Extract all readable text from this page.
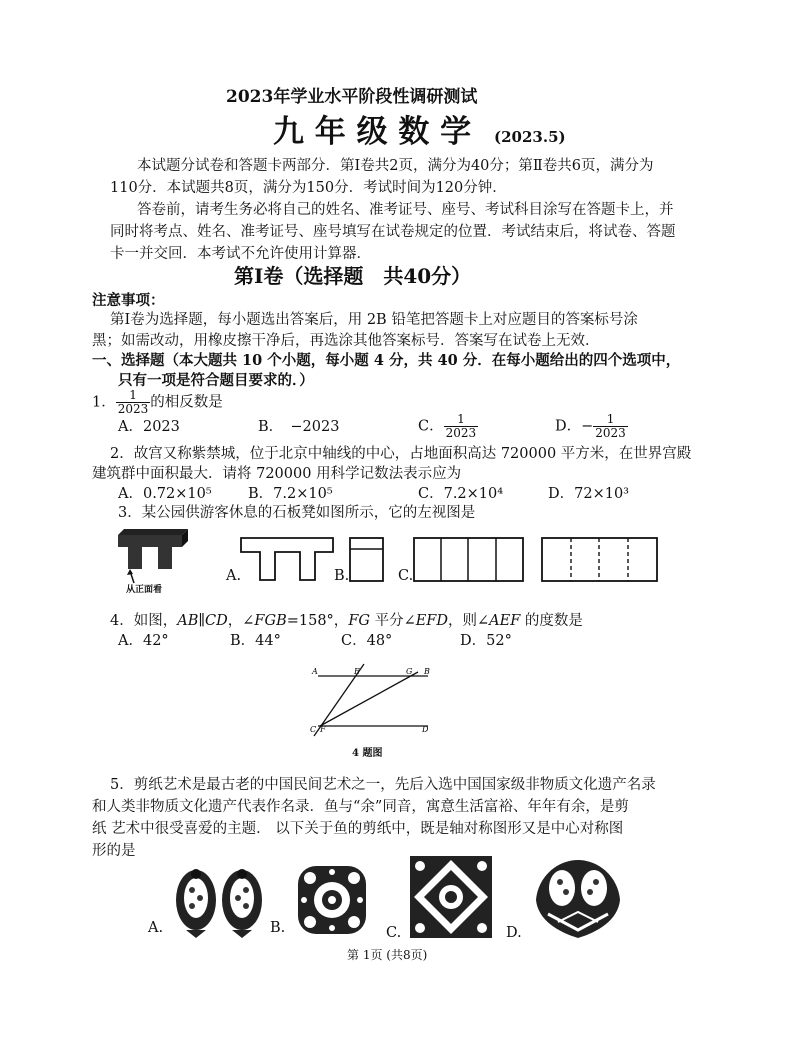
2023年学业水平阶段性调研测试
九 年 级 数 学 (2023.5)
本试题分试卷和答题卡两部分．第Ⅰ卷共2页，满分为40分；第Ⅱ卷共6页，满分为
110分．本试题共8页，满分为150分．考试时间为120分钟．
答卷前，请考生务必将自己的姓名、准考证号、座号、考试科目涂写在答题卡上，并
同时将考点、姓名、准考证号、座号填写在试卷规定的位置．考试结束后，将试卷、答题
卡一并交回．本考试不允许使用计算器．
第Ⅰ卷（选择题　共40分）
注意事项：
第Ⅰ卷为选择题，每小题选出答案后，用 2B 铅笔把答题卡上对应题目的答案标号涂
黑；如需改动，用橡皮擦干净后，再选涂其他答案标号．答案写在试卷上无效．
一、选择题（本大题共 10 个小题，每小题 4 分，共 40 分．在每小题给出的四个选项中，
只有一项是符合题目要求的．）
1． $\frac{1}{2023}$ 的相反数是
A．2023	B．　−2023	C． $\frac{1}{2023}$	D．− $\frac{1}{2023}$
2．故宫又称紫禁城，位于北京中轴线的中心，占地面积高达 720000 平方米，在世界宫殿
建筑群中面积最大．请将 720000 用科学记数法表示应为
A．0.72×10⁵	B．7.2×10⁵	C．7.2×10⁴	D．72×10³
3．某公园供游客休息的石板凳如图所示，它的左视图是
从正面看
A.	B.	C.
4．如图，AB∥CD，∠FGB=158°，FG 平分∠EFD，则∠AEF 的度数是
A．42°	B．44°	C．48°	D．52°
A	E	G B
C F	D
4 题图
5．剪纸艺术是最古老的中国民间艺术之一，先后入选中国国家级非物质文化遗产名录
和人类非物质文化遗产代表作名录．鱼与“余”同音，寓意生活富裕、年年有余，是剪
纸 艺术中很受喜爱的主题． 以下关于鱼的剪纸中，既是轴对称图形又是中心对称图
形的是
A.	B.	C.	D.
第 1页 (共8页)
